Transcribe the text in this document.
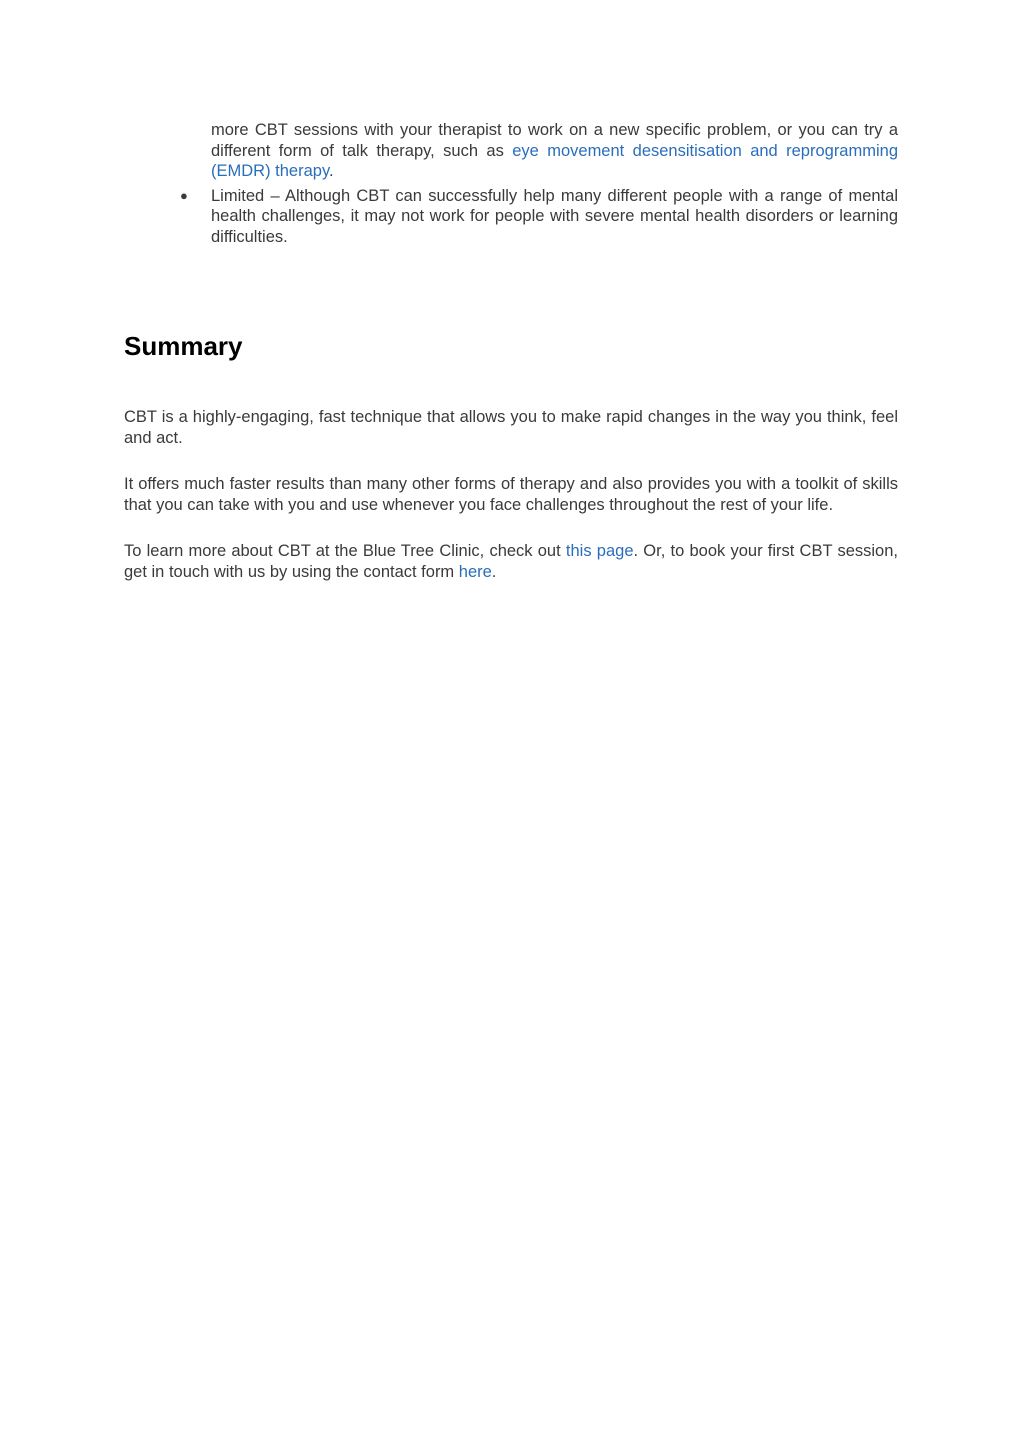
more CBT sessions with your therapist to work on a new specific problem, or you can try a different form of talk therapy, such as eye movement desensitisation and reprogramming (EMDR) therapy.
● Limited – Although CBT can successfully help many different people with a range of mental health challenges, it may not work for people with severe mental health disorders or learning difficulties.
Summary

CBT is a highly-engaging, fast technique that allows you to make rapid changes in the way you think, feel and act.

It offers much faster results than many other forms of therapy and also provides you with a toolkit of skills that you can take with you and use whenever you face challenges throughout the rest of your life.

To learn more about CBT at the Blue Tree Clinic, check out this page. Or, to book your first CBT session, get in touch with us by using the contact form here.
